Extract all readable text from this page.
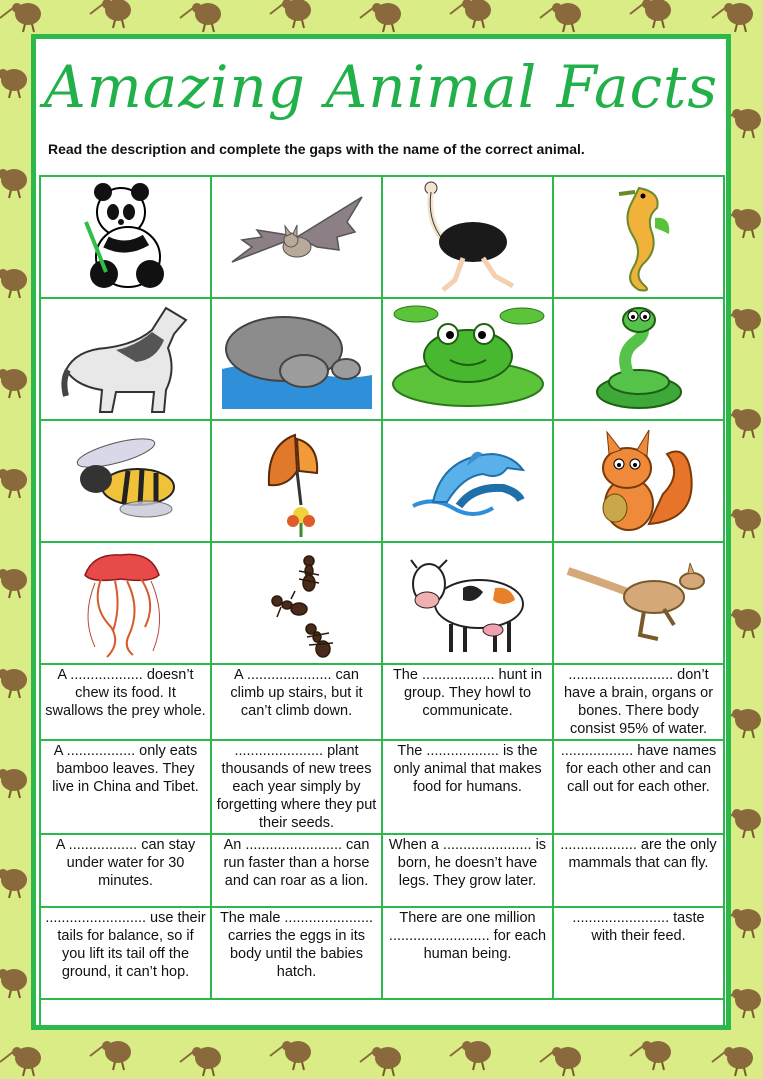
Amazing Animal Facts
Read the description and complete the gaps with the name of the correct animal.

A .................. doesn’t chew its food. It swallows the prey whole.	A ..................... can climb up stairs, but it can’t climb down.	The .................. hunt in group. They howl to communicate.	.......................... don’t have a brain, organs or bones. There body consist 95% of water.
A ................. only eats bamboo leaves. They live in China and Tibet.	...................... plant thousands of new trees each year simply by forgetting where they put their seeds.	The .................. is the only animal that makes food for humans.	.................. have names for each other and can call out for each other.
A ................. can stay under water for 30 minutes.	An ........................ can run faster than a horse and can roar as a lion.	When a ...................... is born, he doesn’t have legs. They grow later.	................... are the only mammals that can fly.
......................... use their tails for balance, so if you lift its tail off the ground, it can’t hop.	The male ...................... carries the eggs in its body until the babies hatch.	There are one million ......................... for each human being.	........................ taste with their feed.
